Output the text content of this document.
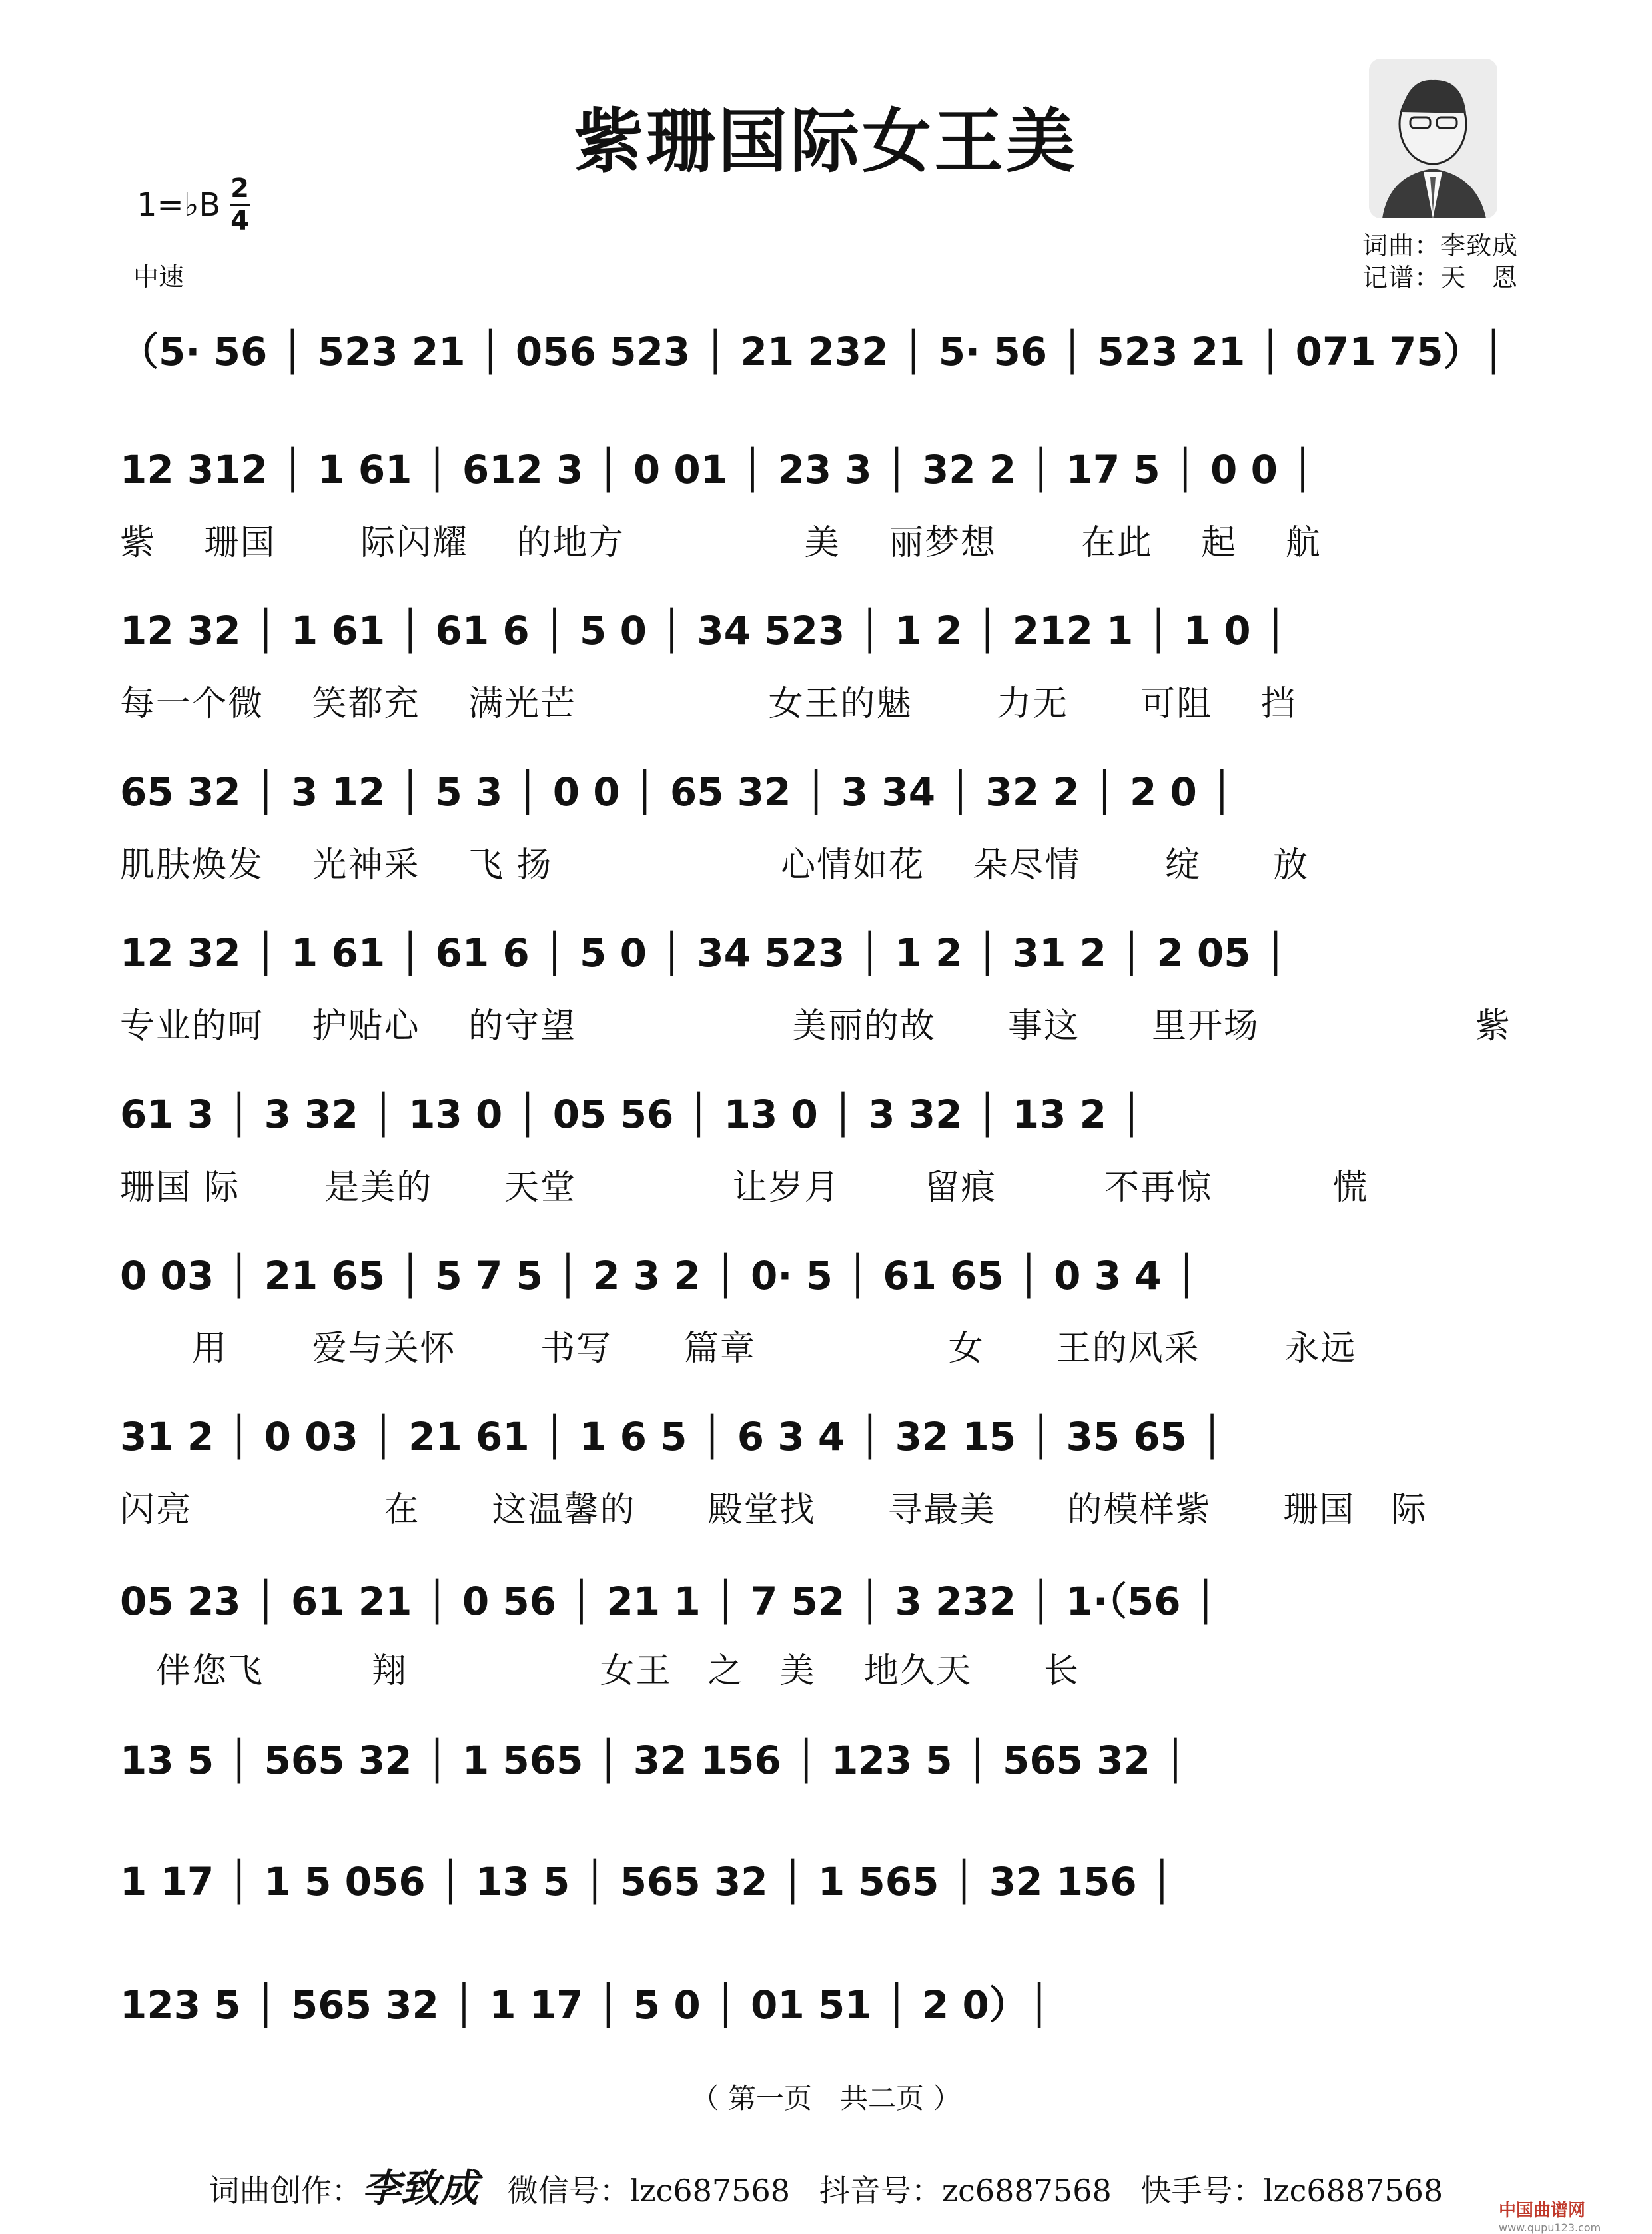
紫珊国际女王美
1=♭B 2
4
中速
词曲：李致成
记谱：天　恩
（5· 56 │ 523 21 │ 056 523 │ 21 232 │ 5· 56 │ 523 21 │ 071 75）│
12 312 │ 1 61 │ 612 3 │ 0 01 │ 23 3 │ 32 2 │ 17 5 │ 0 0 │
紫　 珊国　　 际闪耀　 的地方　　　　　美　 丽梦想　　 在此　 起　 航
12 32 │ 1 61 │ 61 6 │ 5 0 │ 34 523 │ 1 2 │ 212 1 │ 1 0 │
每一个微　 笑都充　 满光芒　　　　　 女王的魅　　 力无　　可阻　 挡
65 32 │ 3 12 │ 5 3 │ 0 0 │ 65 32 │ 3 34 │ 32 2 │ 2 0 │
肌肤焕发　 光神采　 飞 扬　　　　　　 心情如花　 朵尽情　　 绽　　放
12 32 │ 1 61 │ 61 6 │ 5 0 │ 34 523 │ 1 2 │ 31 2 │ 2 05 │
专业的呵　 护贴心　 的守望　　　　　　美丽的故　　事这　　里开场　　　　　　紫
61 3 │ 3 32 │ 13 0 │ 05 56 │ 13 0 │ 3 32 │ 13 2 │
珊国 际　　 是美的　　天堂　　　　 让岁月　　 留痕　　　不再惊　　　 慌
0 03 │ 21 65 │ 5 7 5 │ 2 3 2 │ 0· 5 │ 61 65 │ 0 3 4 │
　　用　　 爱与关怀　　 书写　　篇章　　　　　 女　　王的风采　　 永远
31 2 │ 0 03 │ 21 61 │ 1 6 5 │ 6 3 4 │ 32 15 │ 35 65 │
闪亮　　　　　 在　　这温馨的　　殿堂找　　寻最美　　的模样紫　　珊国　际
05 23 │ 61 21 │ 0 56 │ 21 1 │ 7 52 │ 3 232 │ 1·（56 │
　伴您飞　　　翔　　　　　 女王　之　美　 地久天　　长
13 5 │ 565 32 │ 1 565 │ 32 156 │ 123 5 │ 565 32 │
1 17 │ 1 5 056 │ 13 5 │ 565 32 │ 1 565 │ 32 156 │
123 5 │ 565 32 │ 1 17 │ 5 0 │ 01 51 │ 2 0）│
（ 第一页　共二页 ）
词曲创作：李致成 微信号：lzc687568 抖音号：zc6887568 快手号：lzc6887568
中国曲谱网
www.qupu123.com
